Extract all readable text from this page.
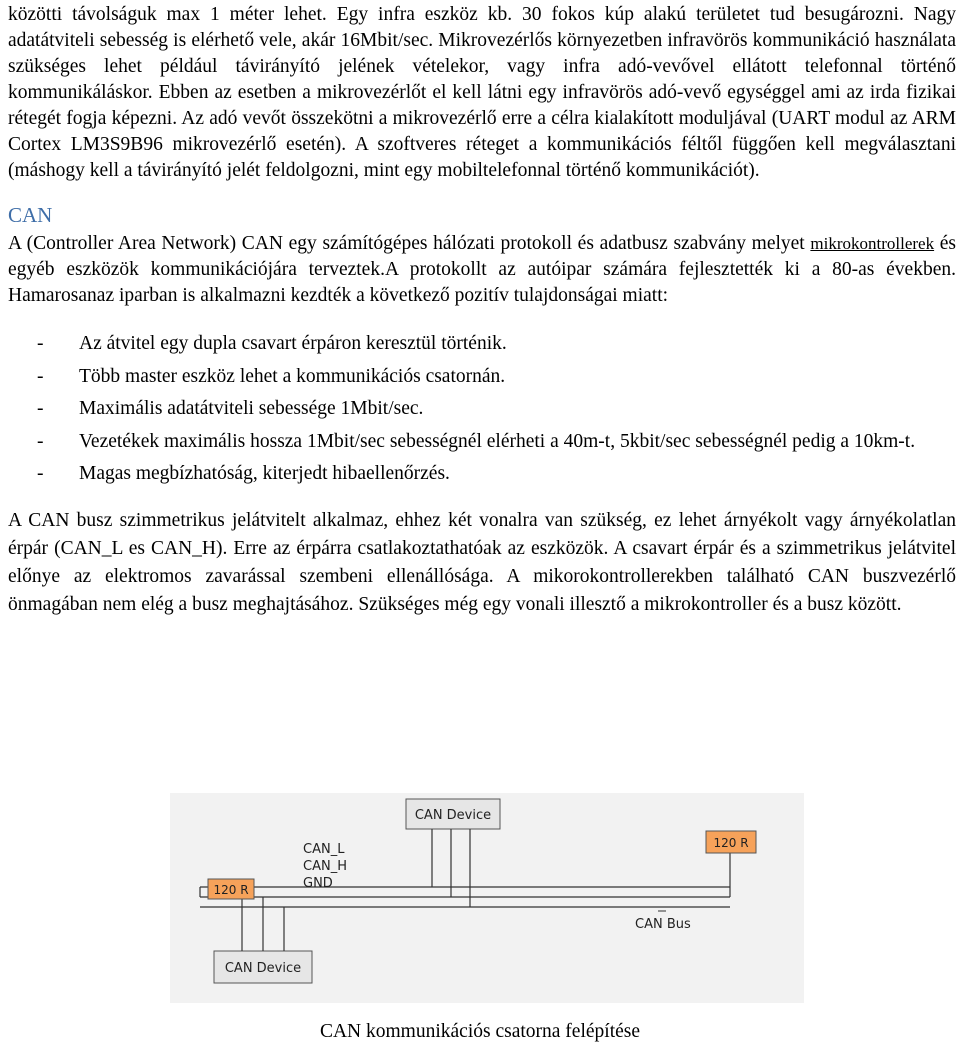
közötti távolságuk max 1 méter lehet. Egy infra eszköz kb. 30 fokos kúp alakú területet tud besugározni. Nagy adatátviteli sebesség is elérhető vele, akár 16Mbit/sec. Mikrovezérlős környezetben infravörös kommunikáció használata szükséges lehet például távirányító jelének vételekor, vagy infra adó-vevővel ellátott telefonnal történő kommunikáláskor. Ebben az esetben a mikrovezérlőt el kell látni egy infravörös adó-vevő egységgel ami az irda fizikai rétegét fogja képezni. Az adó vevőt összekötni a mikrovezérlő erre a célra kialakított moduljával (UART modul az ARM Cortex LM3S9B96 mikrovezérlő esetén). A szoftveres réteget a kommunikációs féltől függően kell megválasztani (máshogy kell a távirányító jelét feldolgozni, mint egy mobiltelefonnal történő kommunikációt).

CAN

A (Controller Area Network) CAN egy számítógépes hálózati protokoll és adatbusz szabvány melyet mikrokontrollerek és egyéb eszközök kommunikációjára terveztek.A protokollt az autóipar számára fejlesztették ki a 80-as években. Hamarosanaz iparban is alkalmazni kezdték a következő pozitív tulajdonságai miatt:

- Az átvitel egy dupla csavart érpáron keresztül történik.
- Több master eszköz lehet a kommunikációs csatornán.
- Maximális adatátviteli sebessége 1Mbit/sec.
- Vezetékek maximális hossza 1Mbit/sec sebességnél elérheti a 40m-t, 5kbit/sec sebességnél pedig a 10km-t.
- Magas megbízhatóság, kiterjedt hibaellenőrzés.

A CAN busz szimmetrikus jelátvitelt alkalmaz, ehhez két vonalra van szükség, ez lehet árnyékolt vagy árnyékolatlan érpár (CAN_L es CAN_H). Erre az érpárra csatlakoztathatóak az eszközök. A csavart érpár és a szimmetrikus jelátvitel előnye az elektromos zavarással szembeni ellenállósága. A mikorokontrollerekben található CAN buszvezérlő önmagában nem elég a busz meghajtásához. Szükséges még egy vonali illesztő a mikrokontroller és a busz között.

CAN Device
CAN Device
CAN_L
CAN_H
GND
120 R
120 R
CAN Bus
CAN kommunikációs csatorna felépítése
